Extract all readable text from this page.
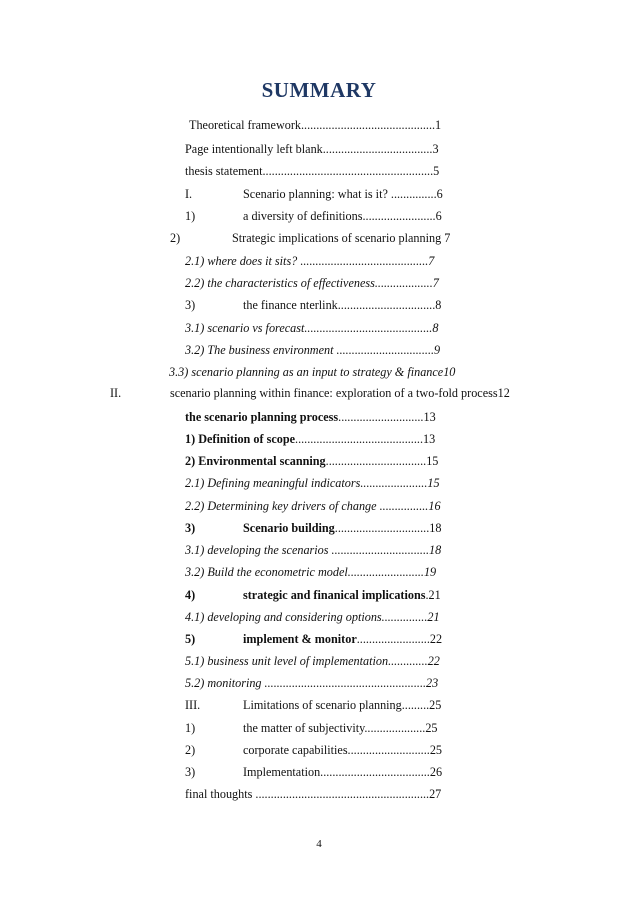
SUMMARY
Theoretical framework............................................1
Page intentionally left blank....................................3
thesis statement........................................................5
I.	Scenario planning: what is it? ...............6
1)	a diversity of definitions........................6
2)	Strategic implications of scenario planning 7
2.1) where does it sits? ..........................................7
2.2) the characteristics of effectiveness...................7
3)	the finance nterlink................................8
3.1) scenario vs forecast..........................................8
3.2) The business environment ................................9
3.3) scenario planning as an input to strategy & finance10
II.	scenario planning within finance: exploration of a two-fold process12
the scenario planning process............................13
1) Definition of scope..........................................13
2) Environmental scanning.................................15
2.1) Defining meaningful indicators......................15
2.2) Determining key drivers of change ................16
3)	Scenario building...............................18
3.1) developing the scenarios ................................18
3.2) Build the econometric model.........................19
4)	strategic and finanical implications.21
4.1) developing and considering options...............21
5)	implement & monitor........................22
5.1) business unit level of implementation.............22
5.2) monitoring .....................................................23
III.	Limitations of scenario planning.........25
1)	the matter of subjectivity....................25
2)	corporate capabilities...........................25
3)	Implementation....................................26
final thoughts .........................................................27
4
